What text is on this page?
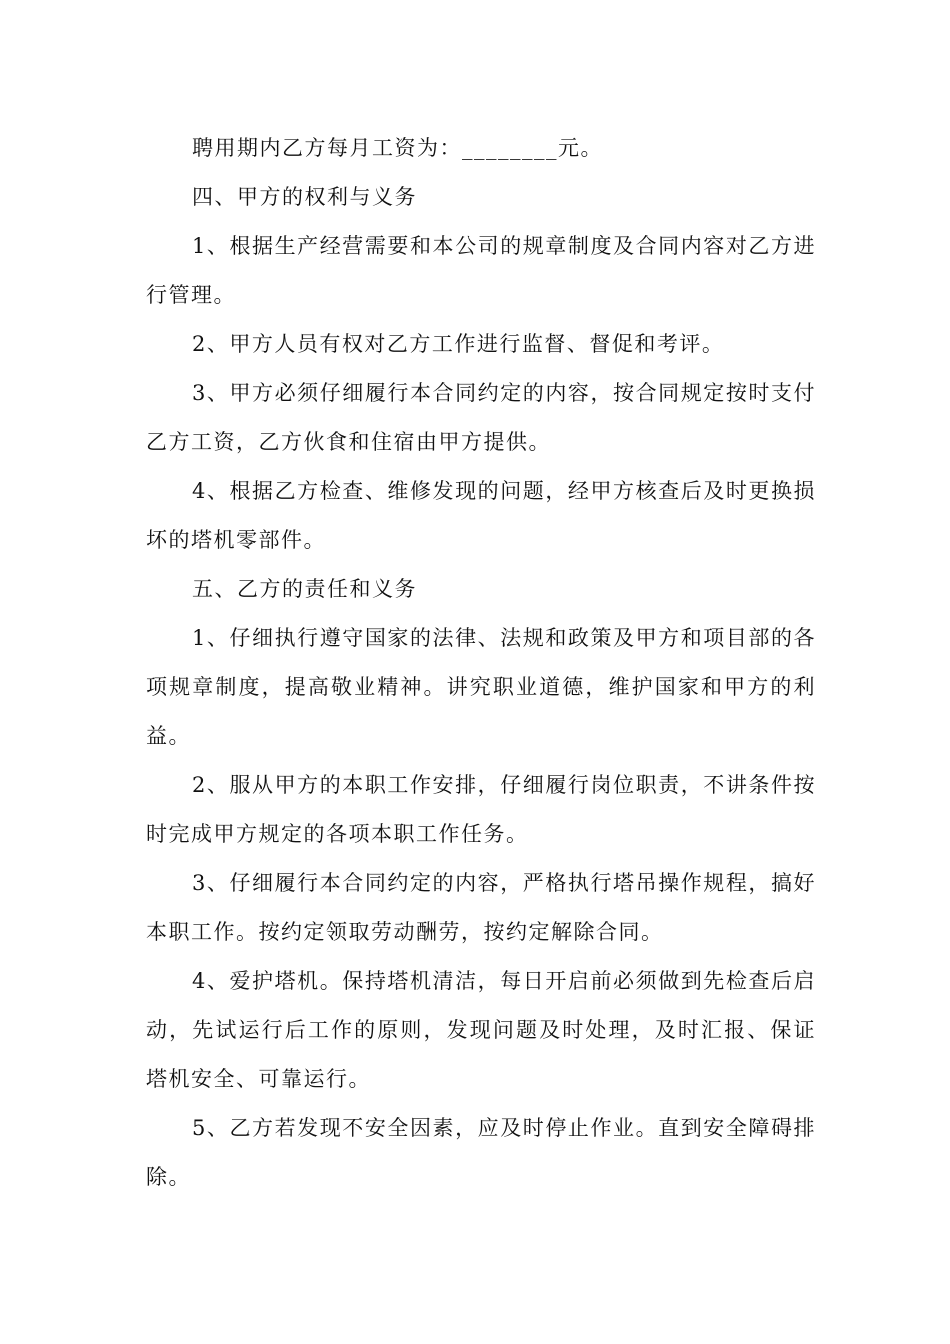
聘用期内乙方每月工资为：________元。

四、甲方的权利与义务

1、根据生产经营需要和本公司的规章制度及合同内容对乙方进行管理。

2、甲方人员有权对乙方工作进行监督、督促和考评。

3、甲方必须仔细履行本合同约定的内容，按合同规定按时支付乙方工资，乙方伙食和住宿由甲方提供。

4、根据乙方检查、维修发现的问题，经甲方核查后及时更换损坏的塔机零部件。

五、乙方的责任和义务

1、仔细执行遵守国家的法律、法规和政策及甲方和项目部的各项规章制度，提高敬业精神。讲究职业道德，维护国家和甲方的利益。

2、服从甲方的本职工作安排，仔细履行岗位职责，不讲条件按时完成甲方规定的各项本职工作任务。

3、仔细履行本合同约定的内容，严格执行塔吊操作规程，搞好本职工作。按约定领取劳动酬劳，按约定解除合同。

4、爱护塔机。保持塔机清洁，每日开启前必须做到先检查后启动，先试运行后工作的原则，发现问题及时处理，及时汇报、保证塔机安全、可靠运行。

5、乙方若发现不安全因素，应及时停止作业。直到安全障碍排除。
